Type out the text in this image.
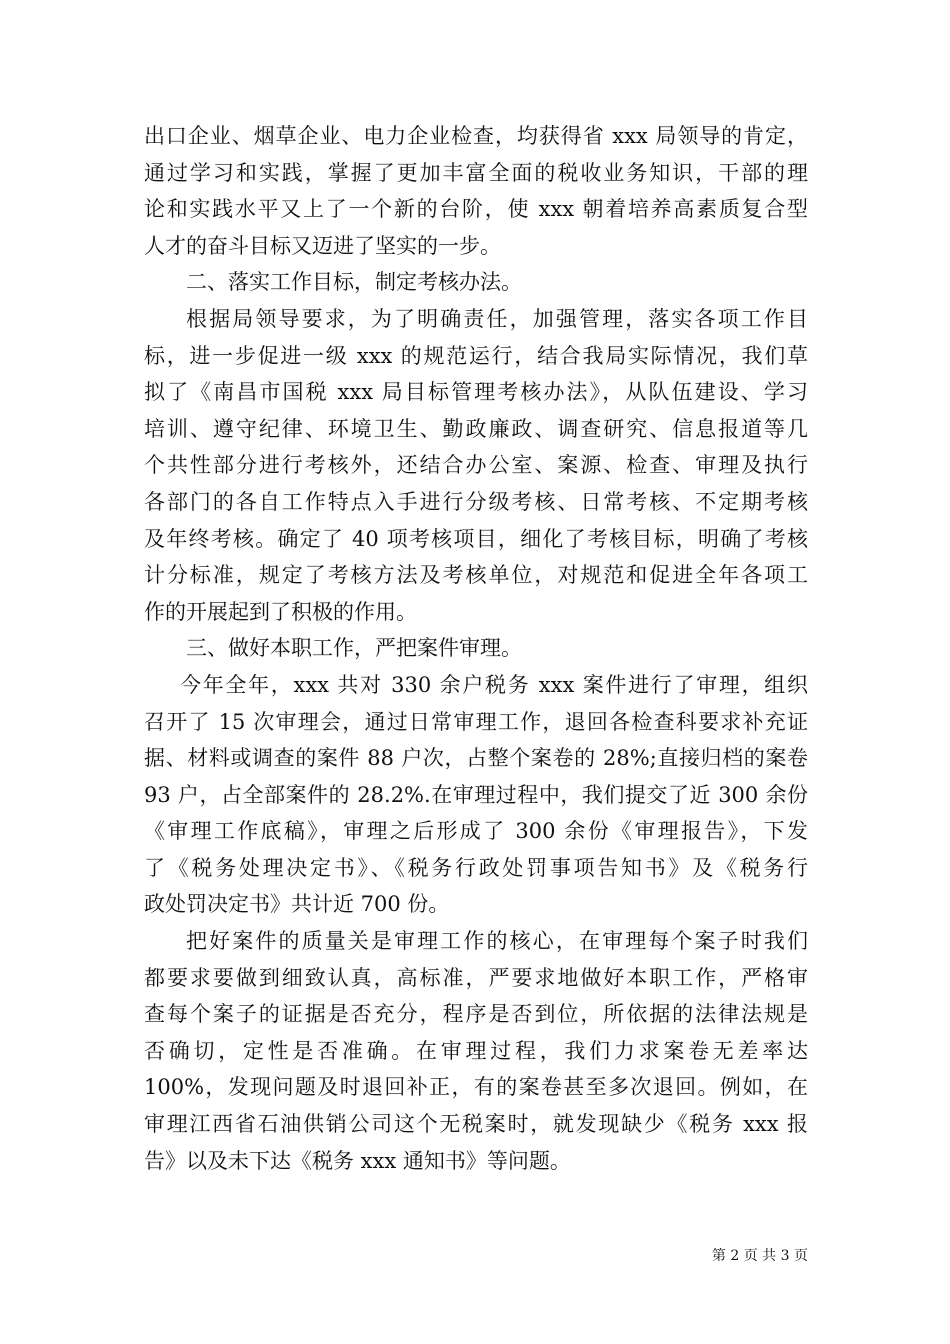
出口企业、烟草企业、电力企业检查，均获得省 xxx 局领导的肯定，
通过学习和实践，掌握了更加丰富全面的税收业务知识，干部的理
论和实践水平又上了一个新的台阶，使 xxx 朝着培养高素质复合型
人才的奋斗目标又迈进了坚实的一步。
二、落实工作目标，制定考核办法。
根据局领导要求，为了明确责任，加强管理，落实各项工作目
标，进一步促进一级 xxx 的规范运行，结合我局实际情况，我们草
拟了《南昌市国税 xxx 局目标管理考核办法》，从队伍建设、学习
培训、遵守纪律、环境卫生、勤政廉政、调查研究、信息报道等几
个共性部分进行考核外，还结合办公室、案源、检查、审理及执行
各部门的各自工作特点入手进行分级考核、日常考核、不定期考核
及年终考核。确定了 40 项考核项目，细化了考核目标，明确了考核
计分标准，规定了考核方法及考核单位，对规范和促进全年各项工
作的开展起到了积极的作用。
三、做好本职工作，严把案件审理。
今年全年，xxx 共对 330 余户税务 xxx 案件进行了审理，组织
召开了 15 次审理会，通过日常审理工作，退回各检查科要求补充证
据、材料或调查的案件 88 户次，占整个案卷的 28%;直接归档的案卷
93 户，占全部案件的 28.2%.在审理过程中，我们提交了近 300 余份
《审理工作底稿》，审理之后形成了 300 余份《审理报告》，下发
了《税务处理决定书》、《税务行政处罚事项告知书》及《税务行
政处罚决定书》共计近 700 份。
把好案件的质量关是审理工作的核心，在审理每个案子时我们
都要求要做到细致认真，高标准，严要求地做好本职工作，严格审
查每个案子的证据是否充分，程序是否到位，所依据的法律法规是
否确切，定性是否准确。在审理过程，我们力求案卷无差率达
100%，发现问题及时退回补正，有的案卷甚至多次退回。例如，在
审理江西省石油供销公司这个无税案时，就发现缺少《税务 xxx 报
告》以及未下达《税务 xxx 通知书》等问题。
第 2 页 共 3 页
